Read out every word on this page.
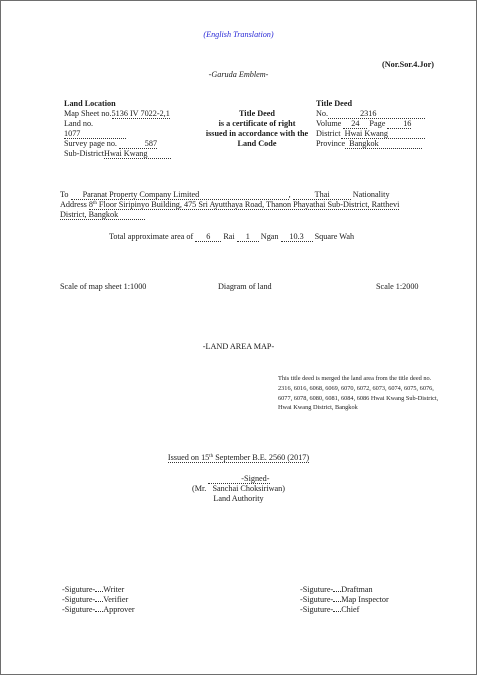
(English Translation)
(Nor.Sor.4.Jor)
-Garuda Emblem-
Land Location
Map Sheet no.5136 IV 7022-2,1
Land no.
1077
Survey page no.	587
Sub-DistrictHwai Kwang
Title Deed
is a certificate of right
issued in accordance with the
Land Code
Title Deed
No.	2316
Volume 24 Page 16
District Hwai Kwang
Province Bangkok
To Paranat Property Company Limited	,	Thai	Nationality
Address 8th Floor Siripinyo Building, 475 Sri Ayutthaya Road, Thanon Phayathai Sub-District, Ratthevi
District, Bangkok
Total approximate area of 6 Rai 1 Ngan 10.3 Square Wah
Scale of map sheet 1:1000	Diagram of land	Scale 1:2000
-LAND AREA MAP-
This title deed is merged the land area from the title deed no. 2316, 6016, 6068, 6069, 6070, 6072, 6073, 6074, 6075, 6076, 6077, 6078, 6080, 6081, 6084, 6086 Hwai Kwang Sub-District, Hwai Kwang District, Bangkok
Issued on 15th September B.E. 2560 (2017)
-Signed-
(Mr.   Sanchai Choksiriwan)
Land Authority
-Siguture- Writer
-Siguture- Verifier
-Siguture- Approver
-Siguture- Draftman
-Siguture- Map Inspector
-Siguture- Chief
